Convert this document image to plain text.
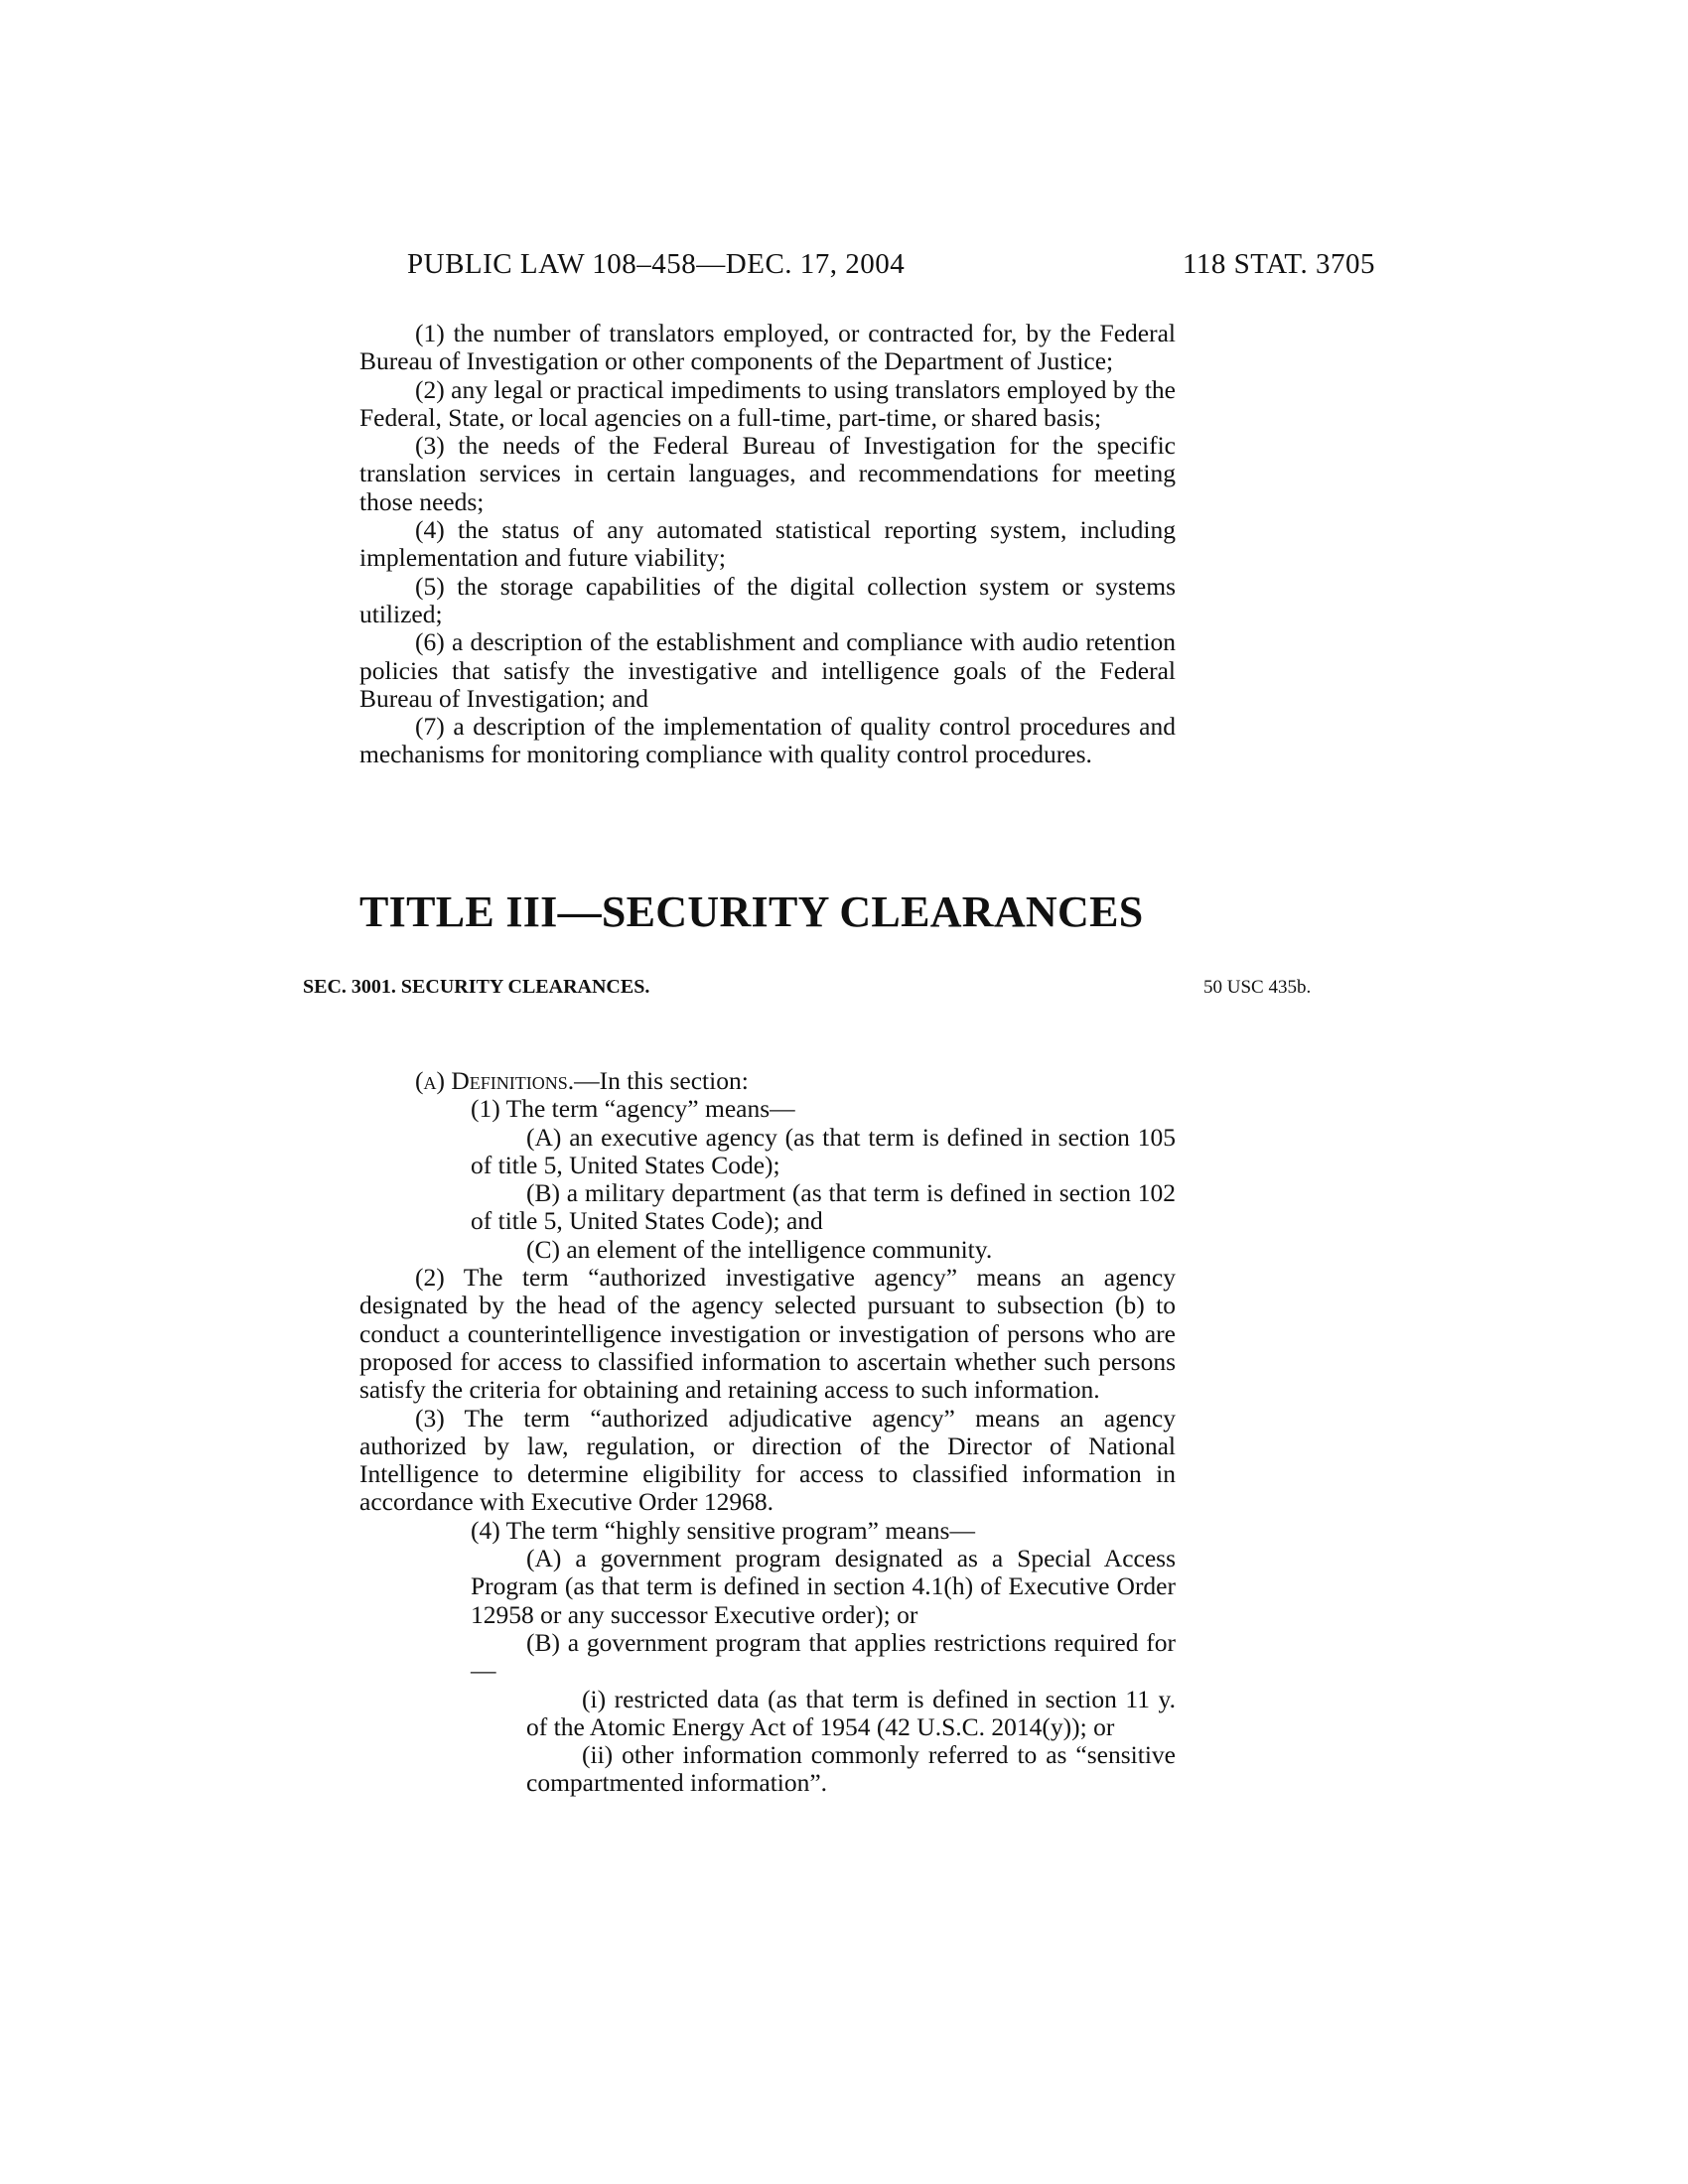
PUBLIC LAW 108–458—DEC. 17, 2004	118 STAT. 3705

(1) the number of translators employed, or contracted for, by the Federal Bureau of Investigation or other components of the Department of Justice;

(2) any legal or practical impediments to using translators employed by the Federal, State, or local agencies on a full-time, part-time, or shared basis;

(3) the needs of the Federal Bureau of Investigation for the specific translation services in certain languages, and recommendations for meeting those needs;

(4) the status of any automated statistical reporting system, including implementation and future viability;

(5) the storage capabilities of the digital collection system or systems utilized;

(6) a description of the establishment and compliance with audio retention policies that satisfy the investigative and intelligence goals of the Federal Bureau of Investigation; and

(7) a description of the implementation of quality control procedures and mechanisms for monitoring compliance with quality control procedures.

TITLE III—SECURITY CLEARANCES
SEC. 3001. SECURITY CLEARANCES.	50 USC 435b.

(a) Definitions.—In this section:

(1) The term “agency” means—

(A) an executive agency (as that term is defined in section 105 of title 5, United States Code);

(B) a military department (as that term is defined in section 102 of title 5, United States Code); and

(C) an element of the intelligence community.

(2) The term “authorized investigative agency” means an agency designated by the head of the agency selected pursuant to subsection (b) to conduct a counterintelligence investigation or investigation of persons who are proposed for access to classified information to ascertain whether such persons satisfy the criteria for obtaining and retaining access to such information.

(3) The term “authorized adjudicative agency” means an agency authorized by law, regulation, or direction of the Director of National Intelligence to determine eligibility for access to classified information in accordance with Executive Order 12968.

(4) The term “highly sensitive program” means—

(A) a government program designated as a Special Access Program (as that term is defined in section 4.1(h) of Executive Order 12958 or any successor Executive order); or

(B) a government program that applies restrictions required for—

(i) restricted data (as that term is defined in section 11 y. of the Atomic Energy Act of 1954 (42 U.S.C. 2014(y)); or

(ii) other information commonly referred to as “sensitive compartmented information”.
